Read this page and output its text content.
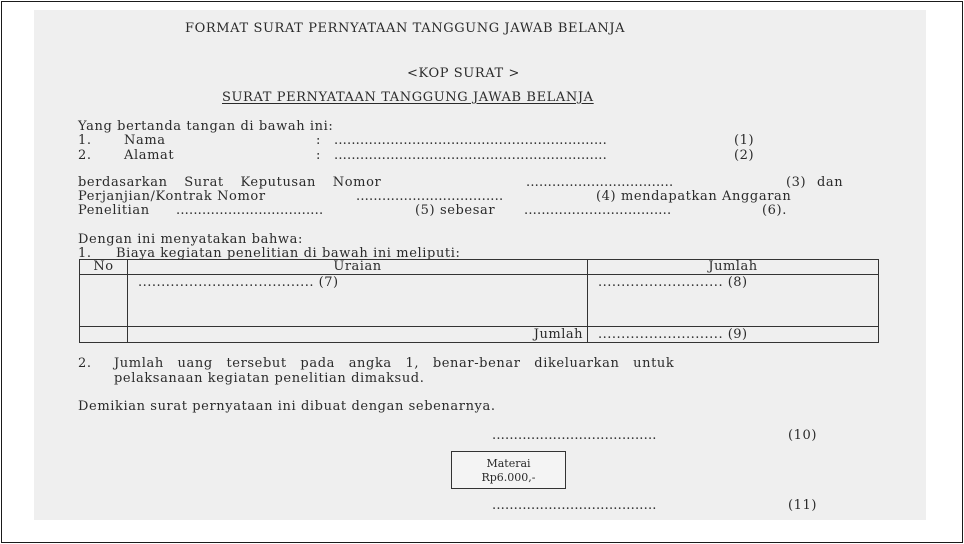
FORMAT SURAT PERNYATAAN TANGGUNG JAWAB BELANJA
<KOP SURAT >
SURAT PERNYATAAN TANGGUNG JAWAB BELANJA
Yang bertanda tangan di bawah ini:
1. Nama	: ...............................................................	(1)
2. Alamat	: ...............................................................	(2)
berdasarkan Surat Keputusan Nomor	..................................	(3) dan
Perjanjian/Kontrak Nomor	..................................	(4) mendapatkan Anggaran
Penelitian ..................................	(5) sebesar ..................................	(6).
Dengan ini menyatakan bahwa:
1. Biaya kegiatan penelitian di bawah ini meliputi:
No	Uraian	Jumlah
	...................................... (7)	........................... (8)
	Jumlah	........................... (9)
2. Jumlah uang tersebut pada angka 1, benar-benar dikeluarkan untuk
pelaksanaan kegiatan penelitian dimaksud.
Demikian surat pernyataan ini dibuat dengan sebenarnya.
......................................	(10)
Materai
Rp6.000,-
......................................	(11)
